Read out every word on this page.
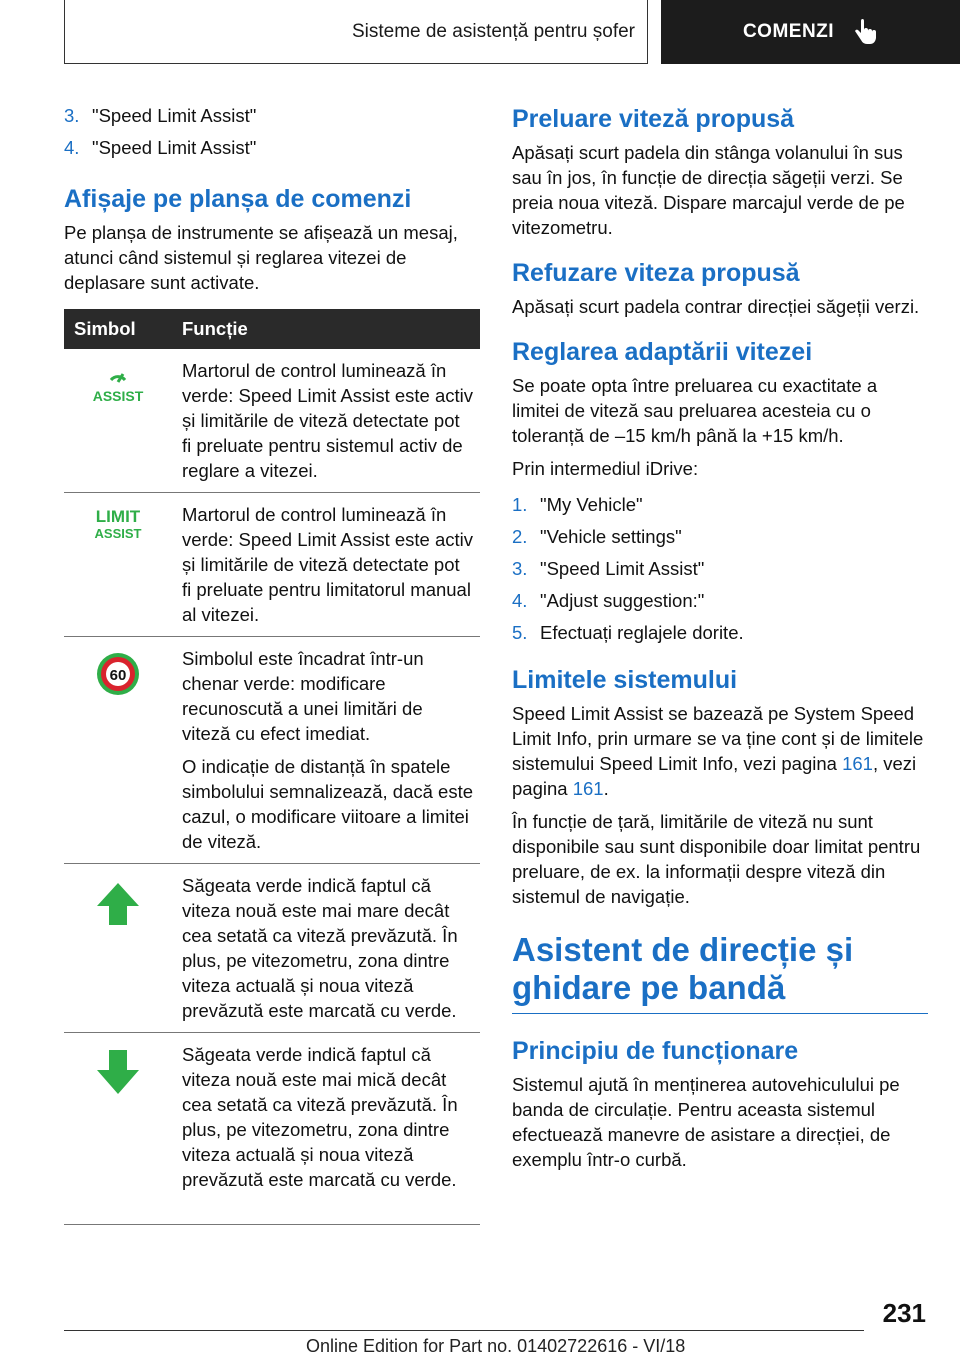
Sisteme de asistență pentru șofer	COMENZI
3. "Speed Limit Assist"
4. "Speed Limit Assist"
Afișaje pe planșa de comenzi

Pe planșa de instrumente se afișează un mesaj, atunci când sistemul și reglarea vitezei de deplasare sunt activate.

Simbol	Funcție

ASSIST	Martorul de control luminează în verde: Speed Limit Assist este activ și limitările de viteză detectate pot fi preluate pentru sistemul activ de reglare a vitezei.

LIMIT
ASSIST	Martorul de control luminează în verde: Speed Limit Assist este activ și limitările de viteză detectate pot fi preluate pentru limitatorul manual al vitezei.

60	Simbolul este încadrat într-un chenar verde: modificare recunoscută a unei limitări de viteză cu efect imediat.

O indicație de distanță în spatele simbolului semnalizează, dacă este cazul, o modificare viitoare a limitei de viteză.

	Săgeata verde indică faptul că viteza nouă este mai mare decât cea setată ca viteză prevăzută. În plus, pe vitezometru, zona dintre viteza actuală și noua viteză prevăzută este marcată cu verde.
	Săgeata verde indică faptul că viteza nouă este mai mică decât cea setată ca viteză prevăzută. În plus, pe vitezometru, zona dintre viteza actuală și noua viteză prevăzută este marcată cu verde.
Preluare viteză propusă

Apăsați scurt padela din stânga volanului în sus sau în jos, în funcție de direcția săgeții verzi. Se preia noua viteză. Dispare marcajul verde de pe vitezometru.

Refuzare viteza propusă

Apăsați scurt padela contrar direcției săgeții verzi.

Reglarea adaptării vitezei

Se poate opta între preluarea cu exactitate a limitei de viteză sau preluarea acesteia cu o toleranță de –15 km/h până la +15 km/h.

Prin intermediul iDrive:

1. "My Vehicle"
2. "Vehicle settings"
3. "Speed Limit Assist"
4. "Adjust suggestion:"
5. Efectuați reglajele dorite.
Limitele sistemului

Speed Limit Assist se bazează pe System Speed Limit Info, prin urmare se va ține cont și de limitele sistemului Speed Limit Info, vezi pagina 161, vezi pagina 161.

În funcție de țară, limitările de viteză nu sunt disponibile sau sunt disponibile doar limitat pentru preluare, de ex. la informații despre viteză din sistemul de navigație.

Asistent de direcție și ghidare pe bandă
Principiu de funcționare

Sistemul ajută în menținerea autovehiculului pe banda de circulație. Pentru aceasta sistemul efectuează manevre de asistare a direcției, de exemplu într-o curbă.

231
Online Edition for Part no. 01402722616 - VI/18
